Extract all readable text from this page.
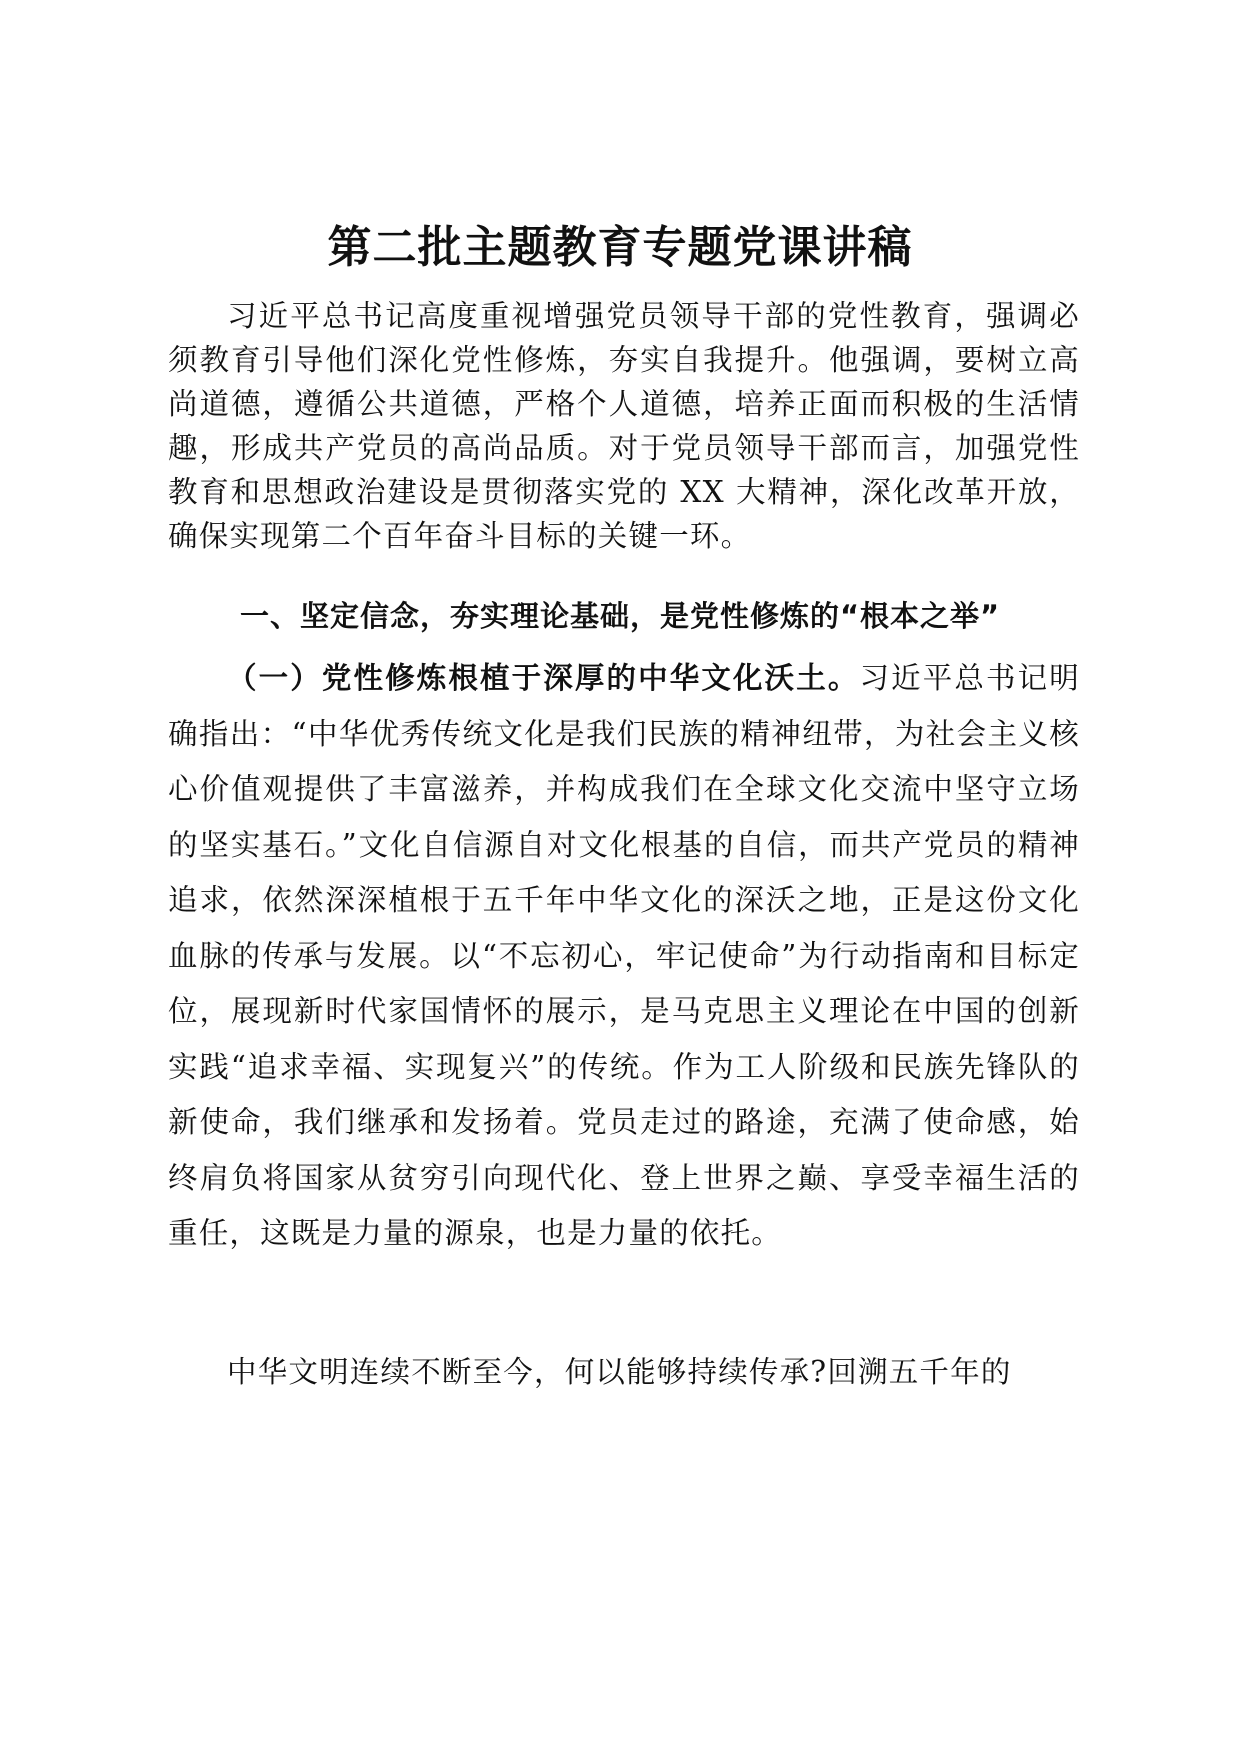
第二批主题教育专题党课讲稿

习近平总书记高度重视增强党员领导干部的党性教育，强调必须教育引导他们深化党性修炼，夯实自我提升。他强调，要树立高尚道德，遵循公共道德，严格个人道德，培养正面而积极的生活情趣，形成共产党员的高尚品质。对于党员领导干部而言，加强党性教育和思想政治建设是贯彻落实党的 XX 大精神，深化改革开放，确保实现第二个百年奋斗目标的关键一环。

一、坚定信念，夯实理论基础，是党性修炼的“根本之举”

（一）党性修炼根植于深厚的中华文化沃土。习近平总书记明确指出：“中华优秀传统文化是我们民族的精神纽带，为社会主义核心价值观提供了丰富滋养，并构成我们在全球文化交流中坚守立场的坚实基石。”文化自信源自对文化根基的自信，而共产党员的精神追求，依然深深植根于五千年中华文化的深沃之地，正是这份文化血脉的传承与发展。以“不忘初心，牢记使命”为行动指南和目标定位，展现新时代家国情怀的展示，是马克思主义理论在中国的创新实践“追求幸福、实现复兴”的传统。作为工人阶级和民族先锋队的新使命，我们继承和发扬着。党员走过的路途，充满了使命感，始终肩负将国家从贫穷引向现代化、登上世界之巅、享受幸福生活的重任，这既是力量的源泉，也是力量的依托。

中华文明连续不断至今，何以能够持续传承?回溯五千年的
